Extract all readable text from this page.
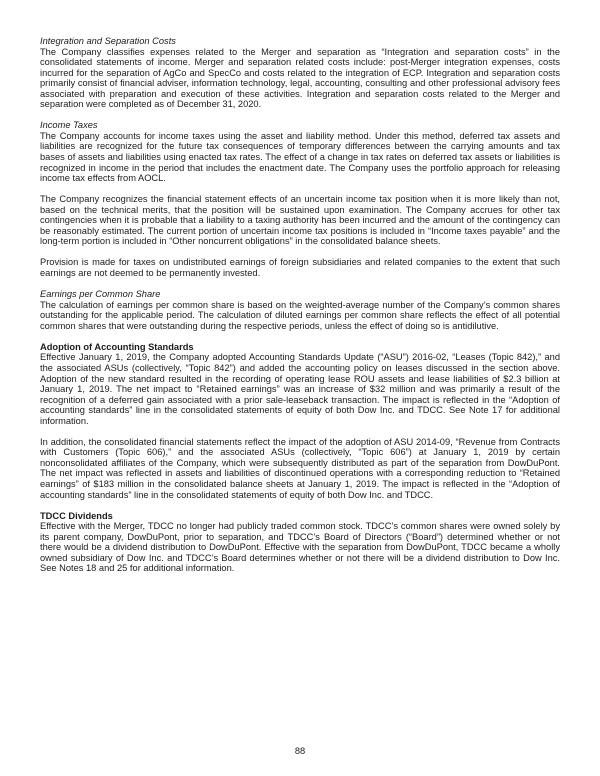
Integration and Separation Costs

The Company classifies expenses related to the Merger and separation as “Integration and separation costs” in the consolidated statements of income. Merger and separation related costs include: post-Merger integration expenses, costs incurred for the separation of AgCo and SpecCo and costs related to the integration of ECP. Integration and separation costs primarily consist of financial adviser, information technology, legal, accounting, consulting and other professional advisory fees associated with preparation and execution of these activities. Integration and separation costs related to the Merger and separation were completed as of December 31, 2020.

Income Taxes

The Company accounts for income taxes using the asset and liability method. Under this method, deferred tax assets and liabilities are recognized for the future tax consequences of temporary differences between the carrying amounts and tax bases of assets and liabilities using enacted tax rates. The effect of a change in tax rates on deferred tax assets or liabilities is recognized in income in the period that includes the enactment date. The Company uses the portfolio approach for releasing income tax effects from AOCL.

The Company recognizes the financial statement effects of an uncertain income tax position when it is more likely than not, based on the technical merits, that the position will be sustained upon examination. The Company accrues for other tax contingencies when it is probable that a liability to a taxing authority has been incurred and the amount of the contingency can be reasonably estimated. The current portion of uncertain income tax positions is included in “Income taxes payable” and the long-term portion is included in “Other noncurrent obligations” in the consolidated balance sheets.

Provision is made for taxes on undistributed earnings of foreign subsidiaries and related companies to the extent that such earnings are not deemed to be permanently invested.

Earnings per Common Share

The calculation of earnings per common share is based on the weighted-average number of the Company’s common shares outstanding for the applicable period. The calculation of diluted earnings per common share reflects the effect of all potential common shares that were outstanding during the respective periods, unless the effect of doing so is antidilutive.

Adoption of Accounting Standards

Effective January 1, 2019, the Company adopted Accounting Standards Update (“ASU”) 2016-02, “Leases (Topic 842),” and the associated ASUs (collectively, “Topic 842”) and added the accounting policy on leases discussed in the section above. Adoption of the new standard resulted in the recording of operating lease ROU assets and lease liabilities of $2.3 billion at January 1, 2019. The net impact to “Retained earnings” was an increase of $32 million and was primarily a result of the recognition of a deferred gain associated with a prior sale-leaseback transaction. The impact is reflected in the “Adoption of accounting standards” line in the consolidated statements of equity of both Dow Inc. and TDCC. See Note 17 for additional information.

In addition, the consolidated financial statements reflect the impact of the adoption of ASU 2014-09, “Revenue from Contracts with Customers (Topic 606),” and the associated ASUs (collectively, “Topic 606”) at January 1, 2019 by certain nonconsolidated affiliates of the Company, which were subsequently distributed as part of the separation from DowDuPont. The net impact was reflected in assets and liabilities of discontinued operations with a corresponding reduction to “Retained earnings” of $183 million in the consolidated balance sheets at January 1, 2019. The impact is reflected in the “Adoption of accounting standards” line in the consolidated statements of equity of both Dow Inc. and TDCC.

TDCC Dividends

Effective with the Merger, TDCC no longer had publicly traded common stock. TDCC’s common shares were owned solely by its parent company, DowDuPont, prior to separation, and TDCC’s Board of Directors (“Board”) determined whether or not there would be a dividend distribution to DowDuPont. Effective with the separation from DowDuPont, TDCC became a wholly owned subsidiary of Dow Inc. and TDCC’s Board determines whether or not there will be a dividend distribution to Dow Inc. See Notes 18 and 25 for additional information.

88
